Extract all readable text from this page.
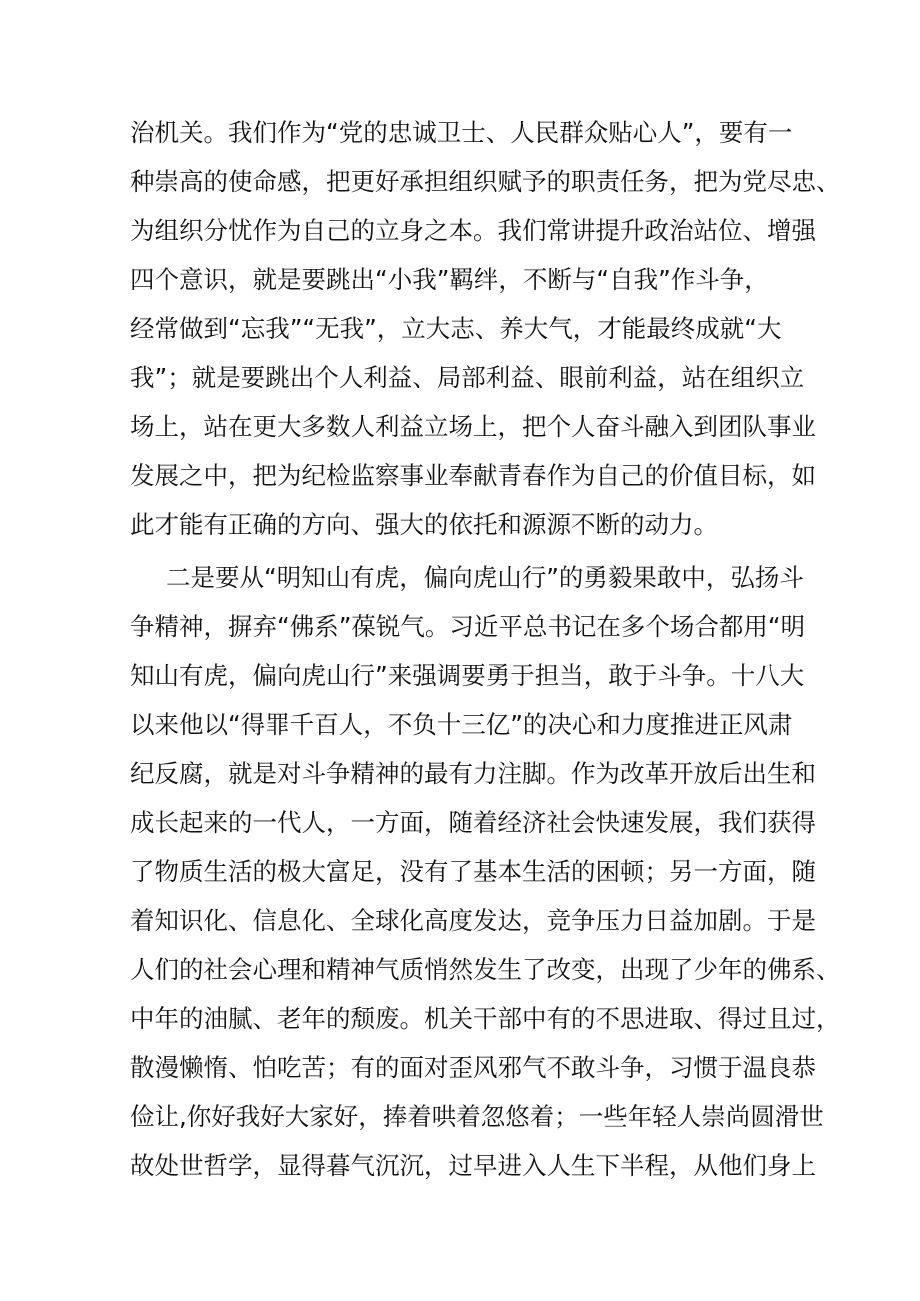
治机关。我们作为“党的忠诚卫士、人民群众贴心人”，要有一
种崇高的使命感，把更好承担组织赋予的职责任务，把为党尽忠、
为组织分忧作为自己的立身之本。我们常讲提升政治站位、增强
四个意识，就是要跳出“小我”羁绊，不断与“自我”作斗争，
经常做到“忘我”“无我”，立大志、养大气，才能最终成就“大
我”；就是要跳出个人利益、局部利益、眼前利益，站在组织立
场上，站在更大多数人利益立场上，把个人奋斗融入到团队事业
发展之中，把为纪检监察事业奉献青春作为自己的价值目标，如
此才能有正确的方向、强大的依托和源源不断的动力。
二是要从“明知山有虎，偏向虎山行”的勇毅果敢中，弘扬斗
争精神，摒弃“佛系”葆锐气。习近平总书记在多个场合都用“明
知山有虎，偏向虎山行”来强调要勇于担当，敢于斗争。十八大
以来他以“得罪千百人，不负十三亿”的决心和力度推进正风肃
纪反腐，就是对斗争精神的最有力注脚。作为改革开放后出生和
成长起来的一代人，一方面，随着经济社会快速发展，我们获得
了物质生活的极大富足，没有了基本生活的困顿；另一方面，随
着知识化、信息化、全球化高度发达，竞争压力日益加剧。于是
人们的社会心理和精神气质悄然发生了改变，出现了少年的佛系、
中年的油腻、老年的颓废。机关干部中有的不思进取、得过且过，
散漫懒惰、怕吃苦；有的面对歪风邪气不敢斗争，习惯于温良恭
俭让,你好我好大家好，捧着哄着忽悠着；一些年轻人崇尚圆滑世
故处世哲学，显得暮气沉沉，过早进入人生下半程，从他们身上
